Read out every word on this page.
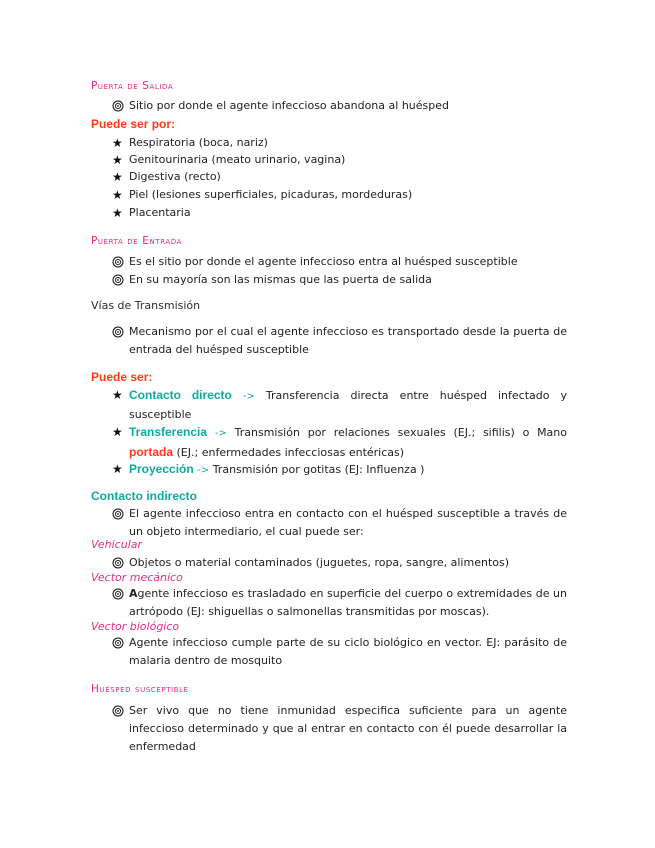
Puerta de Salida
Sitio por donde el agente infeccioso abandona al huésped
Puede ser por:
★ Respiratoria (boca, nariz)
★ Genitourinaria (meato urinario, vagina)
★ Digestiva (recto)
★ Piel (lesiones superficiales, picaduras, mordeduras)
★ Placentaria
Puerta de Entrada
Es el sitio por donde el agente infeccioso entra al huésped susceptible
En su mayoría son las mismas que las puerta de salida
Vías de Transmisión
Mecanismo por el cual el agente infeccioso es transportado desde la puerta de entrada del huésped susceptible
Puede ser:
★ Contacto directo -> Transferencia directa entre huésped infectado y susceptible
★ Transferencia -> Transmisión por relaciones sexuales (EJ.; sifilis) o Mano portada (EJ.; enfermedades infecciosas entéricas)
★ Proyección -> Transmisión por gotitas (EJ: Influenza )
Contacto indirecto
El agente infeccioso entra en contacto con el huésped susceptible a través de un objeto intermediario, el cual puede ser:
Vehicular
Objetos o material contaminados (juguetes, ropa, sangre, alimentos)
Vector mecánico
Agente infeccioso es trasladado en superficie del cuerpo o extremidades de un artrópodo (EJ: shiguellas o salmonellas transmitidas por moscas).
Vector biológico
Agente infeccioso cumple parte de su ciclo biológico en vector. EJ: parásito de malaria dentro de mosquito
Huésped susceptible
Ser vivo que no tiene inmunidad especifica suficiente para un agente infeccioso determinado y que al entrar en contacto con él puede desarrollar la enfermedad
